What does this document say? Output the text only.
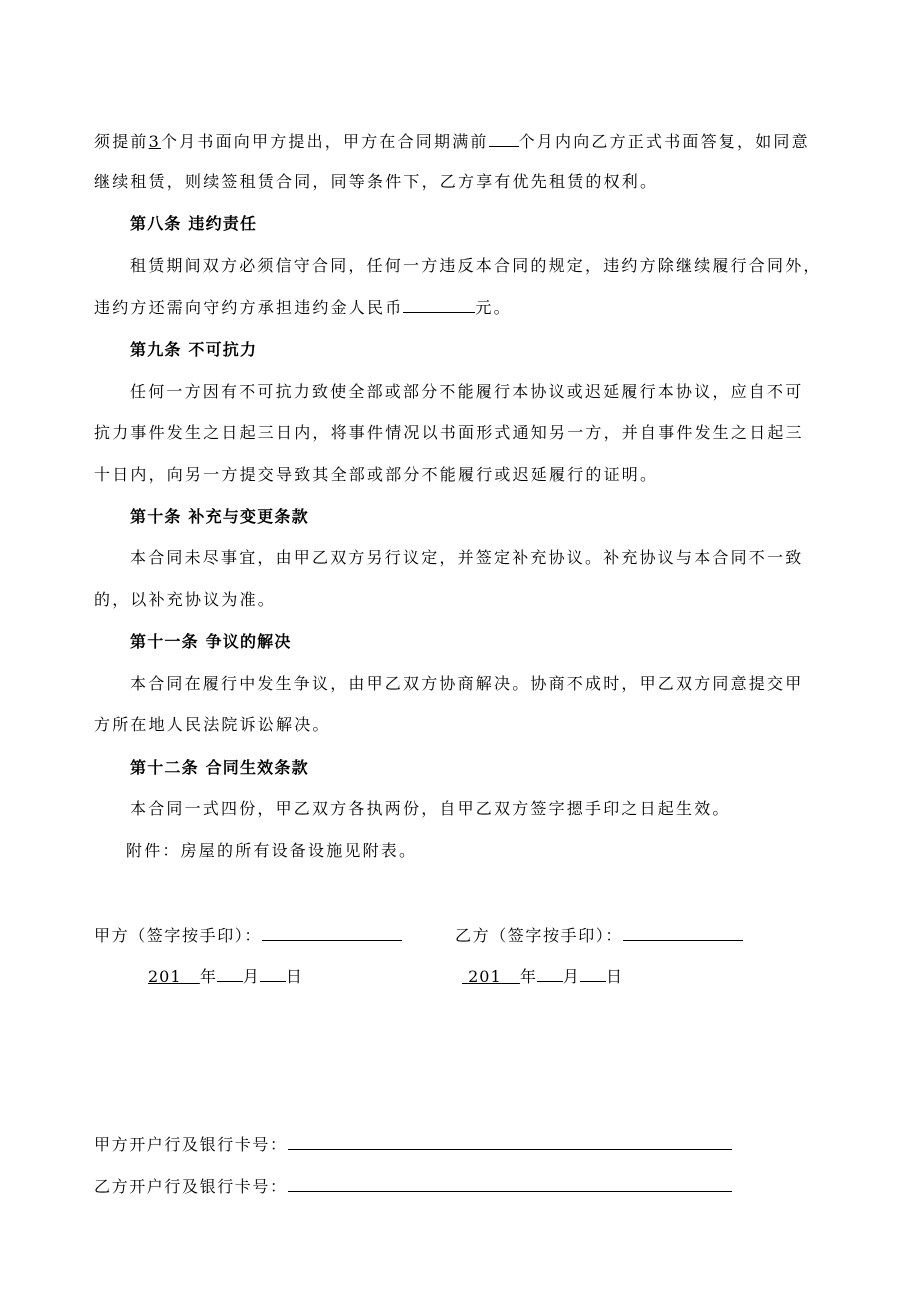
须提前3个月书面向甲方提出，甲方在合同期满前 个月内向乙方正式书面答复，如同意
继续租赁，则续签租赁合同，同等条件下，乙方享有优先租赁的权利。
第八条 违约责任
租赁期间双方必须信守合同，任何一方违反本合同的规定，违约方除继续履行合同外，
违约方还需向守约方承担违约金人民币	元。
第九条 不可抗力
任何一方因有不可抗力致使全部或部分不能履行本协议或迟延履行本协议，应自不可
抗力事件发生之日起三日内，将事件情况以书面形式通知另一方，并自事件发生之日起三
十日内，向另一方提交导致其全部或部分不能履行或迟延履行的证明。
第十条 补充与变更条款
本合同未尽事宜，由甲乙双方另行议定，并签定补充协议。补充协议与本合同不一致
的，以补充协议为准。
第十一条 争议的解决
本合同在履行中发生争议，由甲乙双方协商解决。协商不成时，甲乙双方同意提交甲
方所在地人民法院诉讼解决。
第十二条 合同生效条款
本合同一式四份，甲乙双方各执两份，自甲乙双方签字摁手印之日起生效。
附件：房屋的所有设备设施见附表。
甲方（签字按手印）：	乙方（签字按手印）：
201 年 月 日	201 年 月 日
甲方开户行及银行卡号：
乙方开户行及银行卡号：
